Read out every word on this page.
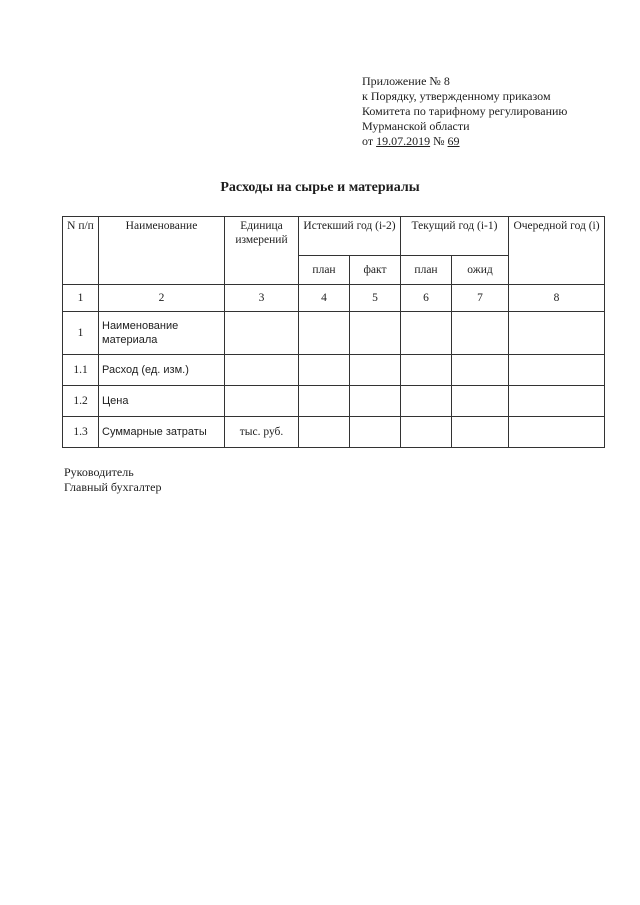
Приложение № 8
к Порядку, утвержденному приказом
Комитета по тарифному регулированию
Мурманской области
от 19.07.2019 № 69
Расходы на сырье и материалы
N п/п	Наименование	Единица измерений	Истекший год (i-2)		Текущий год (i-1)		Очередной год (i)
			план	факт	план	ожид	
1	2	3	4	5	6	7	8
1	Наименование материала						
1.1	Расход (ед. изм.)						
1.2	Цена						
1.3	Суммарные затраты	тыс. руб.					
Руководитель
Главный бухгалтер
